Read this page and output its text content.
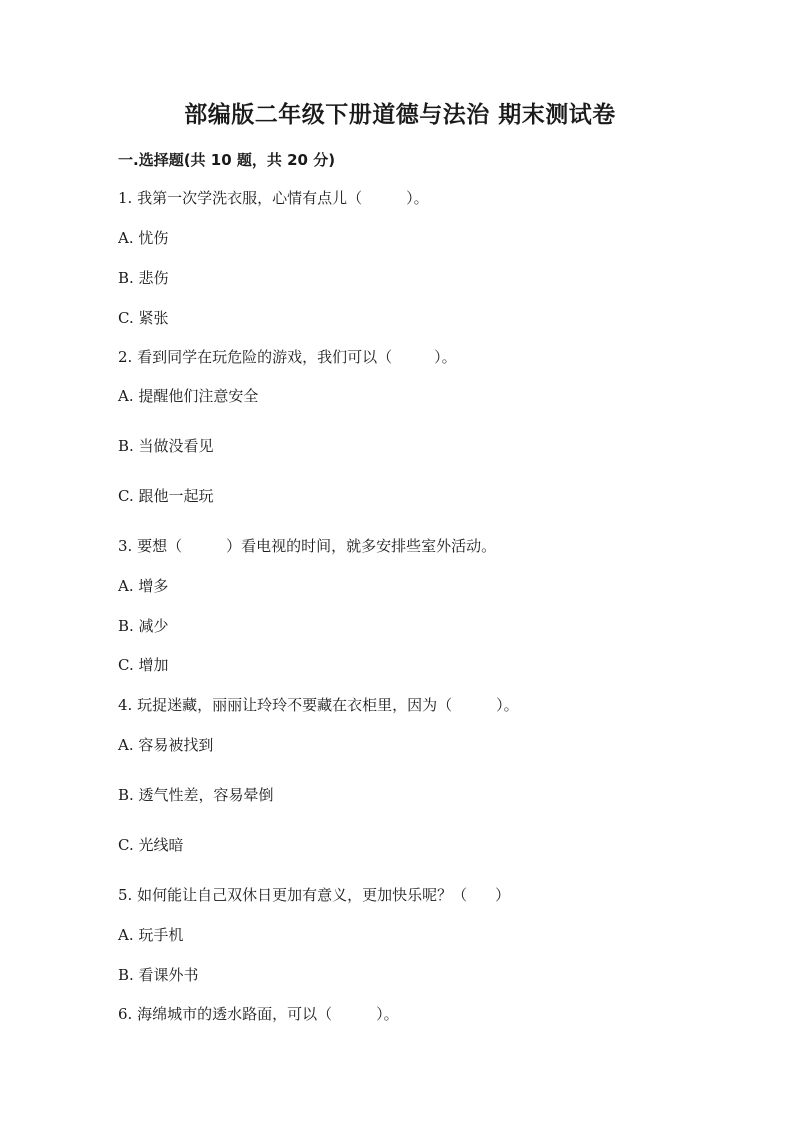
部编版二年级下册道德与法治 期末测试卷
一.选择题(共 10 题，共 20 分)
1. 我第一次学洗衣服，心情有点儿（	）。
A. 忧伤
B. 悲伤
C. 紧张
2. 看到同学在玩危险的游戏，我们可以（	）。
A. 提醒他们注意安全
B. 当做没看见
C. 跟他一起玩
3. 要想（	）看电视的时间，就多安排些室外活动。
A. 增多
B. 减少
C. 增加
4. 玩捉迷藏，丽丽让玲玲不要藏在衣柜里，因为（	）。
A. 容易被找到
B. 透气性差，容易晕倒
C. 光线暗
5. 如何能让自己双休日更加有意义，更加快乐呢？（ ）
A. 玩手机
B. 看课外书
6. 海绵城市的透水路面，可以（	）。
